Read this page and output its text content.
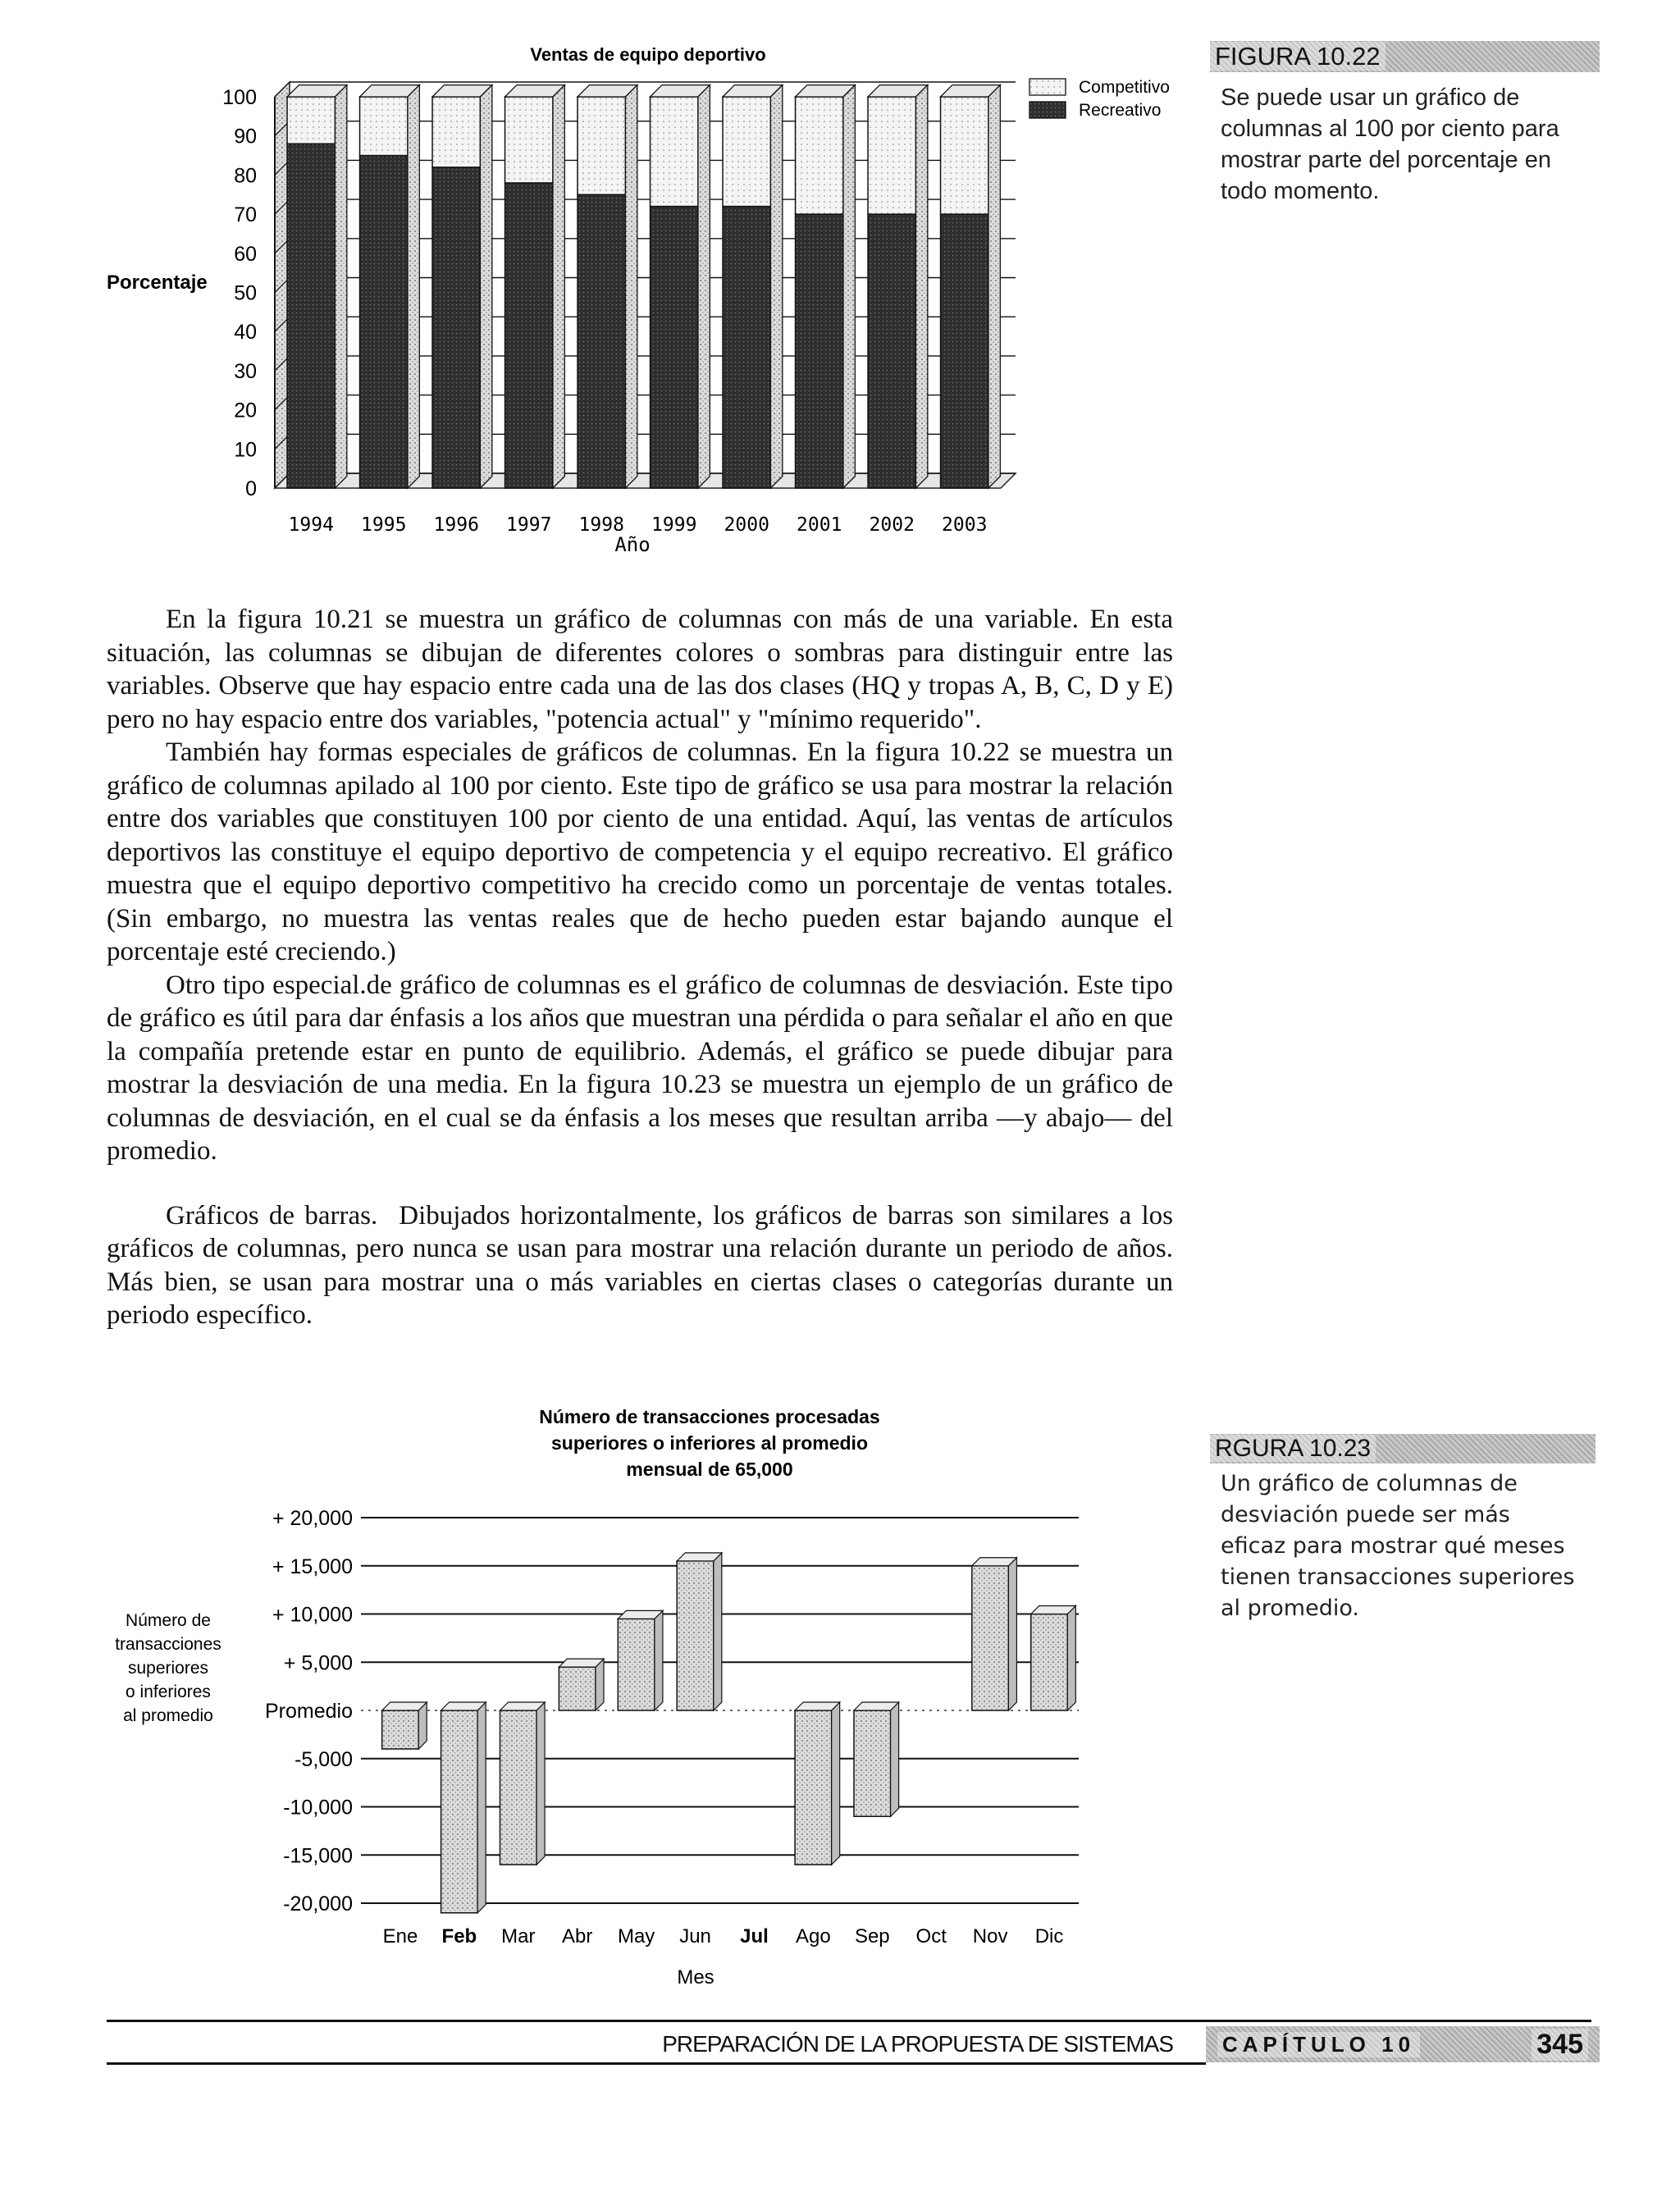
Ventas de equipo deportivo
Porcentaje
Año
0
10
20
30
40
50
60
70
80
90
100
1994 1995 1996 1997 1998 1999 2000 2001 2002 2003
Competitivo
Recreativo
FIGURA 10.22
Se puede usar un gráfico de columnas al 100 por ciento para mostrar parte del porcentaje en todo momento.

En la figura 10.21 se muestra un gráfico de columnas con más de una variable. En esta situación, las columnas se dibujan de diferentes colores o sombras para distinguir entre las variables. Observe que hay espacio entre cada una de las dos clases (HQ y tropas A, B, C, D y E) pero no hay espacio entre dos variables, "potencia actual" y "mínimo requerido".

También hay formas especiales de gráficos de columnas. En la figura 10.22 se muestra un gráfico de columnas apilado al 100 por ciento. Este tipo de gráfico se usa para mostrar la relación entre dos variables que constituyen 100 por ciento de una entidad. Aquí, las ventas de artículos deportivos las constituye el equipo deportivo de competencia y el equipo recreativo. El gráfico muestra que el equipo deportivo competitivo ha crecido como un porcentaje de ventas totales. (Sin embargo, no muestra las ventas reales que de hecho pueden estar bajando aunque el porcentaje esté creciendo.)

Otro tipo especial.de gráfico de columnas es el gráfico de columnas de desviación. Este tipo de gráfico es útil para dar énfasis a los años que muestran una pérdida o para señalar el año en que la compañía pretende estar en punto de equilibrio. Además, el gráfico se puede dibujar para mostrar la desviación de una media. En la figura 10.23 se muestra un ejemplo de un gráfico de columnas de desviación, en el cual se da énfasis a los meses que resultan arriba —y abajo— del promedio.

Gráficos de barras. Dibujados horizontalmente, los gráficos de barras son similares a los gráficos de columnas, pero nunca se usan para mostrar una relación durante un periodo de años. Más bien, se usan para mostrar una o más variables en ciertas clases o categorías durante un periodo específico.

Número de transacciones procesadas
superiores o inferiores al promedio
mensual de 65,000
Número de
transacciones
superiores
o inferiores
al promedio
Mes
+ 20,000
+ 15,000
+ 10,000
+ 5,000
Promedio
-5,000
-10,000
-15,000
-20,000
Ene Feb Mar Abr May Jun Jul Ago Sep Oct Nov Dic
RGURA 10.23
Un gráfico de columnas de desviación puede ser más eficaz para mostrar qué meses tienen transacciones superiores al promedio.
PREPARACIÓN DE LA PROPUESTA DE SISTEMAS CAPÍTULO 10	345
